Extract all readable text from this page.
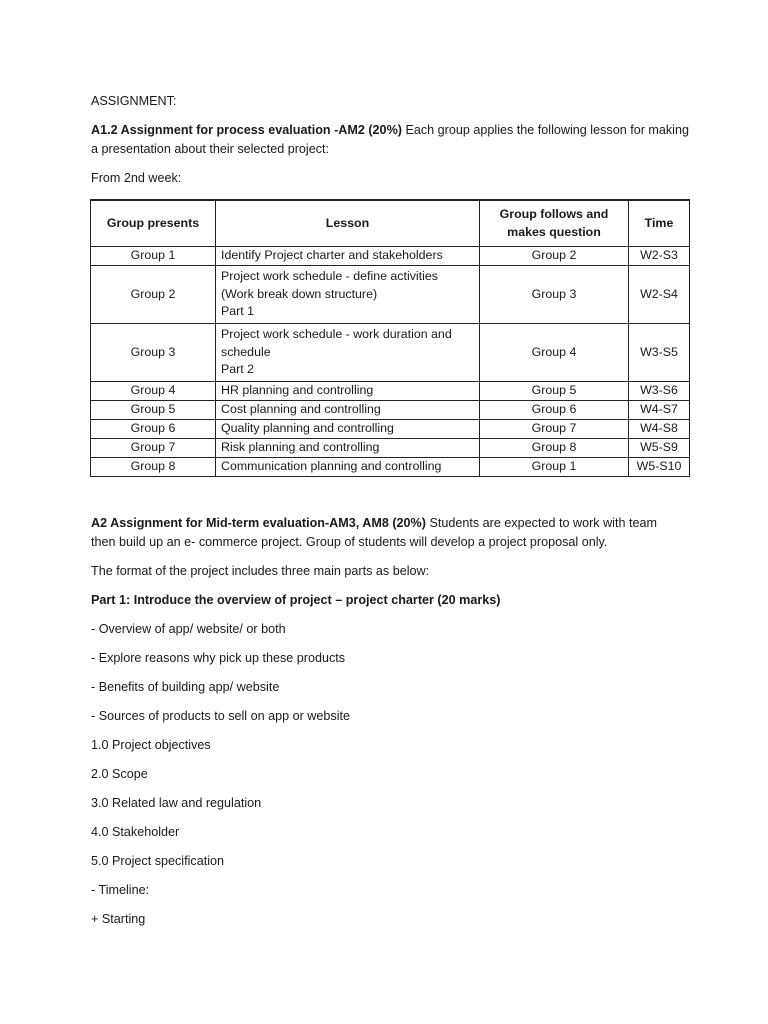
ASSIGNMENT:

A1.2 Assignment for process evaluation -AM2 (20%) Each group applies the following lesson for making
a presentation about their selected project:

From 2nd week:

Group presents	Lesson	Group follows and makes question	Time
Group 1	Identify Project charter and stakeholders	Group 2	W2-S3
Group 2	Project work schedule - define activities
(Work break down structure)
Part 1	Group 3	W2-S4
Group 3	Project work schedule - work duration and
schedule
Part 2	Group 4	W3-S5
Group 4	HR planning and controlling	Group 5	W3-S6
Group 5	Cost planning and controlling	Group 6	W4-S7
Group 6	Quality planning and controlling	Group 7	W4-S8
Group 7	Risk planning and controlling	Group 8	W5-S9
Group 8	Communication planning and controlling	Group 1	W5-S10

A2 Assignment for Mid-term evaluation-AM3, AM8 (20%) Students are expected to work with team
then build up an e- commerce project. Group of students will develop a project proposal only.

The format of the project includes three main parts as below:

Part 1: Introduce the overview of project – project charter (20 marks)

- Overview of app/ website/ or both

- Explore reasons why pick up these products

- Benefits of building app/ website

- Sources of products to sell on app or website

1.0 Project objectives

2.0 Scope

3.0 Related law and regulation

4.0 Stakeholder

5.0 Project specification

- Timeline:

+ Starting
